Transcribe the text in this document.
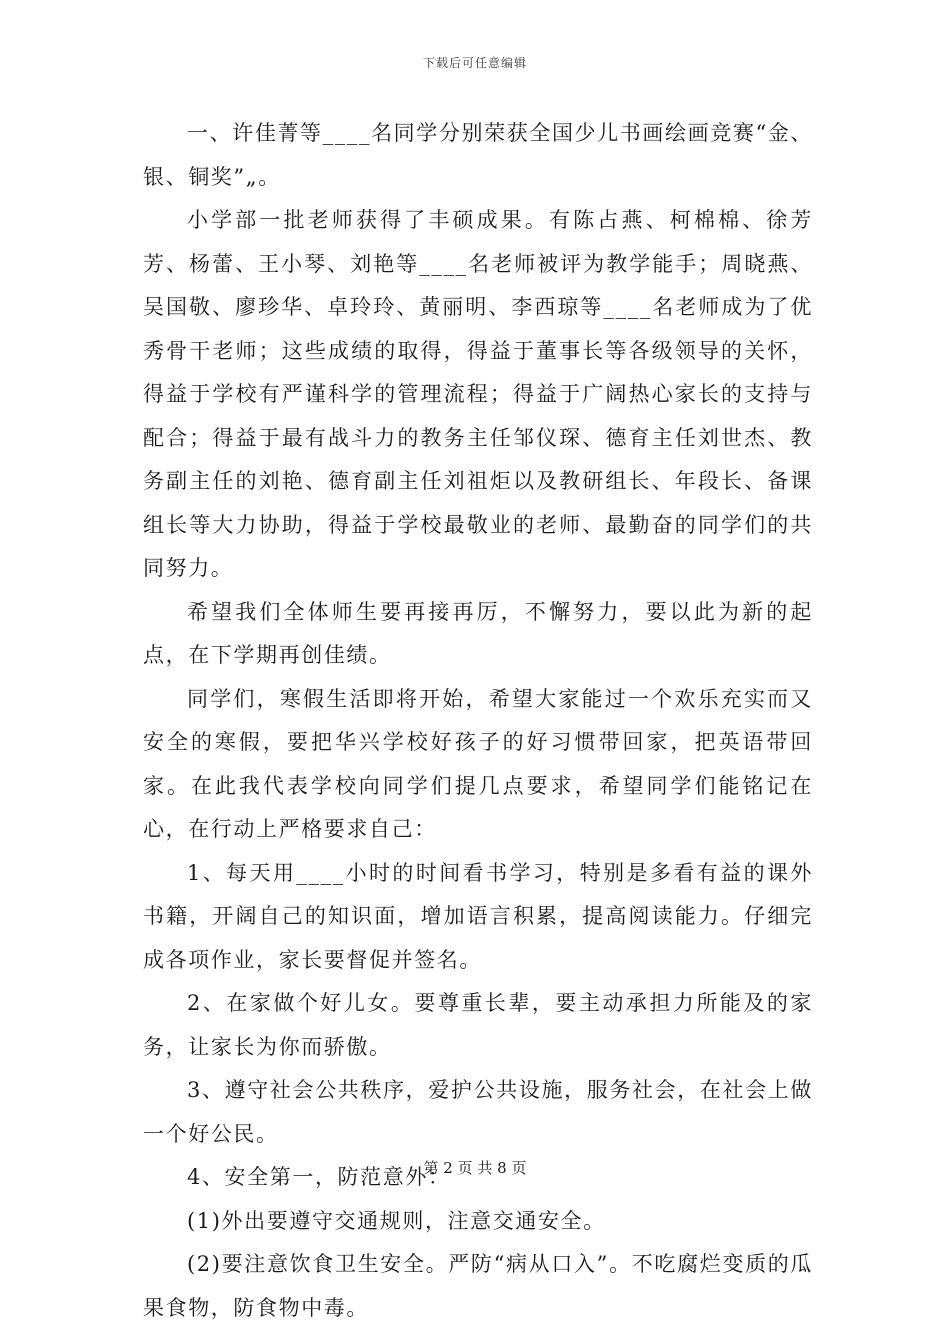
下载后可任意编辑

一、许佳菁等____名同学分别荣获全国少儿书画绘画竞赛“金、银、铜奖”„。

小学部一批老师获得了丰硕成果。有陈占燕、柯棉棉、徐芳芳、杨蕾、王小琴、刘艳等____名老师被评为教学能手；周晓燕、吴国敬、廖珍华、卓玲玲、黄丽明、李西琼等____名老师成为了优秀骨干老师；这些成绩的取得，得益于董事长等各级领导的关怀，得益于学校有严谨科学的管理流程；得益于广阔热心家长的支持与配合；得益于最有战斗力的教务主任邹仪琛、德育主任刘世杰、教务副主任的刘艳、德育副主任刘祖炬以及教研组长、年段长、备课组长等大力协助，得益于学校最敬业的老师、最勤奋的同学们的共同努力。

希望我们全体师生要再接再厉，不懈努力，要以此为新的起点，在下学期再创佳绩。

同学们，寒假生活即将开始，希望大家能过一个欢乐充实而又安全的寒假，要把华兴学校好孩子的好习惯带回家，把英语带回家。在此我代表学校向同学们提几点要求，希望同学们能铭记在心，在行动上严格要求自己：

1、每天用____小时的时间看书学习，特别是多看有益的课外书籍，开阔自己的知识面，增加语言积累，提高阅读能力。仔细完成各项作业，家长要督促并签名。

2、在家做个好儿女。要尊重长辈，要主动承担力所能及的家务，让家长为你而骄傲。

3、遵守社会公共秩序，爱护公共设施，服务社会，在社会上做一个好公民。

4、安全第一，防范意外：

(1)外出要遵守交通规则，注意交通安全。

(2)要注意饮食卫生安全。严防“病从口入”。不吃腐烂变质的瓜果食物，防食物中毒。

第 2 页 共 8 页
